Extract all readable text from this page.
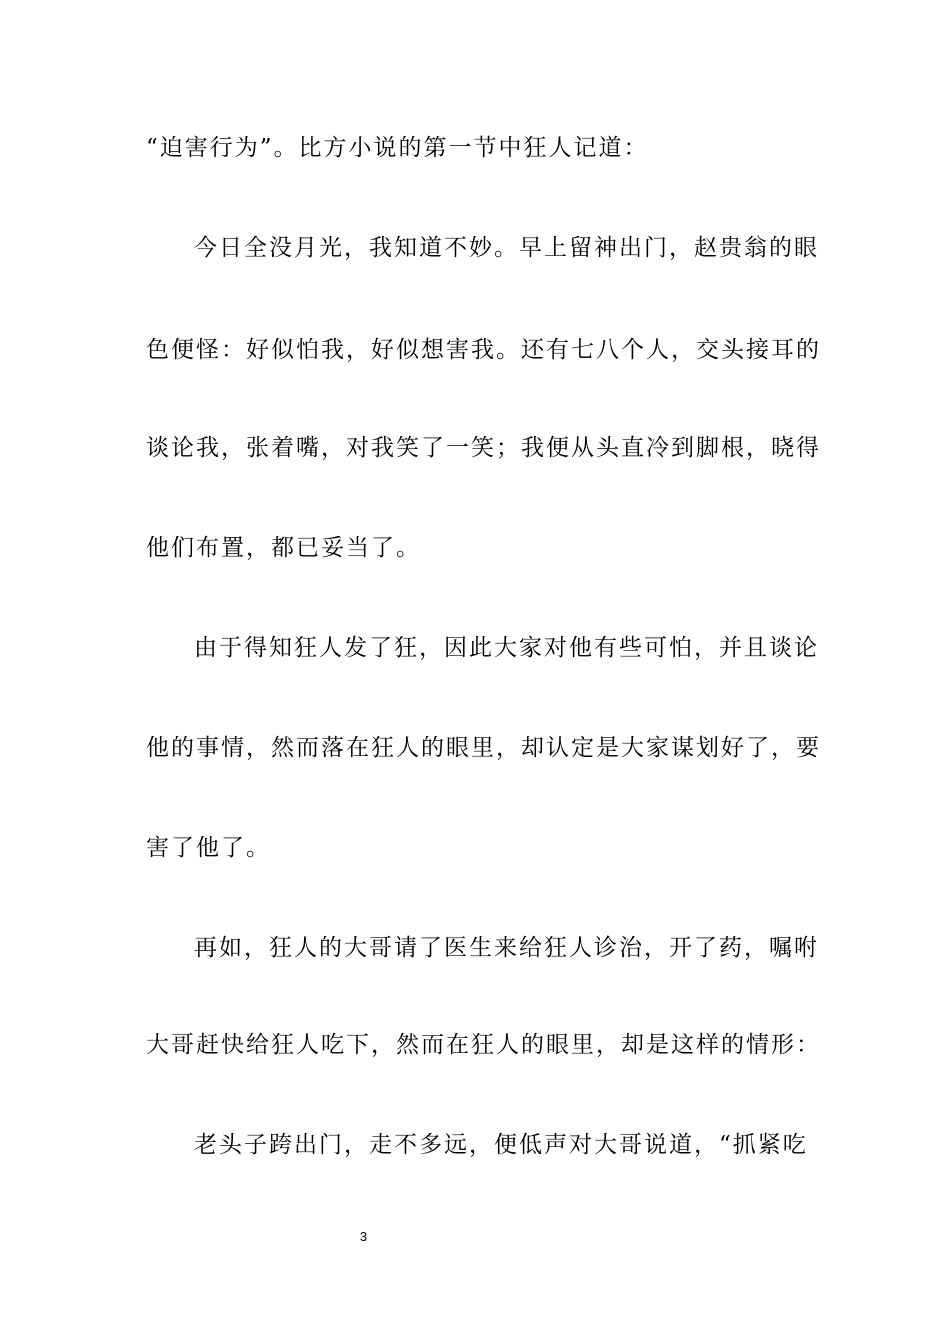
“迫害行为”。比方小说的第一节中狂人记道：
今日全没月光，我知道不妙。早上留神出门，赵贵翁的眼
色便怪：好似怕我，好似想害我。还有七八个人，交头接耳的
谈论我，张着嘴，对我笑了一笑；我便从头直冷到脚根，晓得
他们布置，都已妥当了。
由于得知狂人发了狂，因此大家对他有些可怕，并且谈论
他的事情，然而落在狂人的眼里，却认定是大家谋划好了，要
害了他了。
再如，狂人的大哥请了医生来给狂人诊治，开了药，嘱咐
大哥赶快给狂人吃下，然而在狂人的眼里，却是这样的情形：
老头子跨出门，走不多远，便低声对大哥说道，“抓紧吃
3
